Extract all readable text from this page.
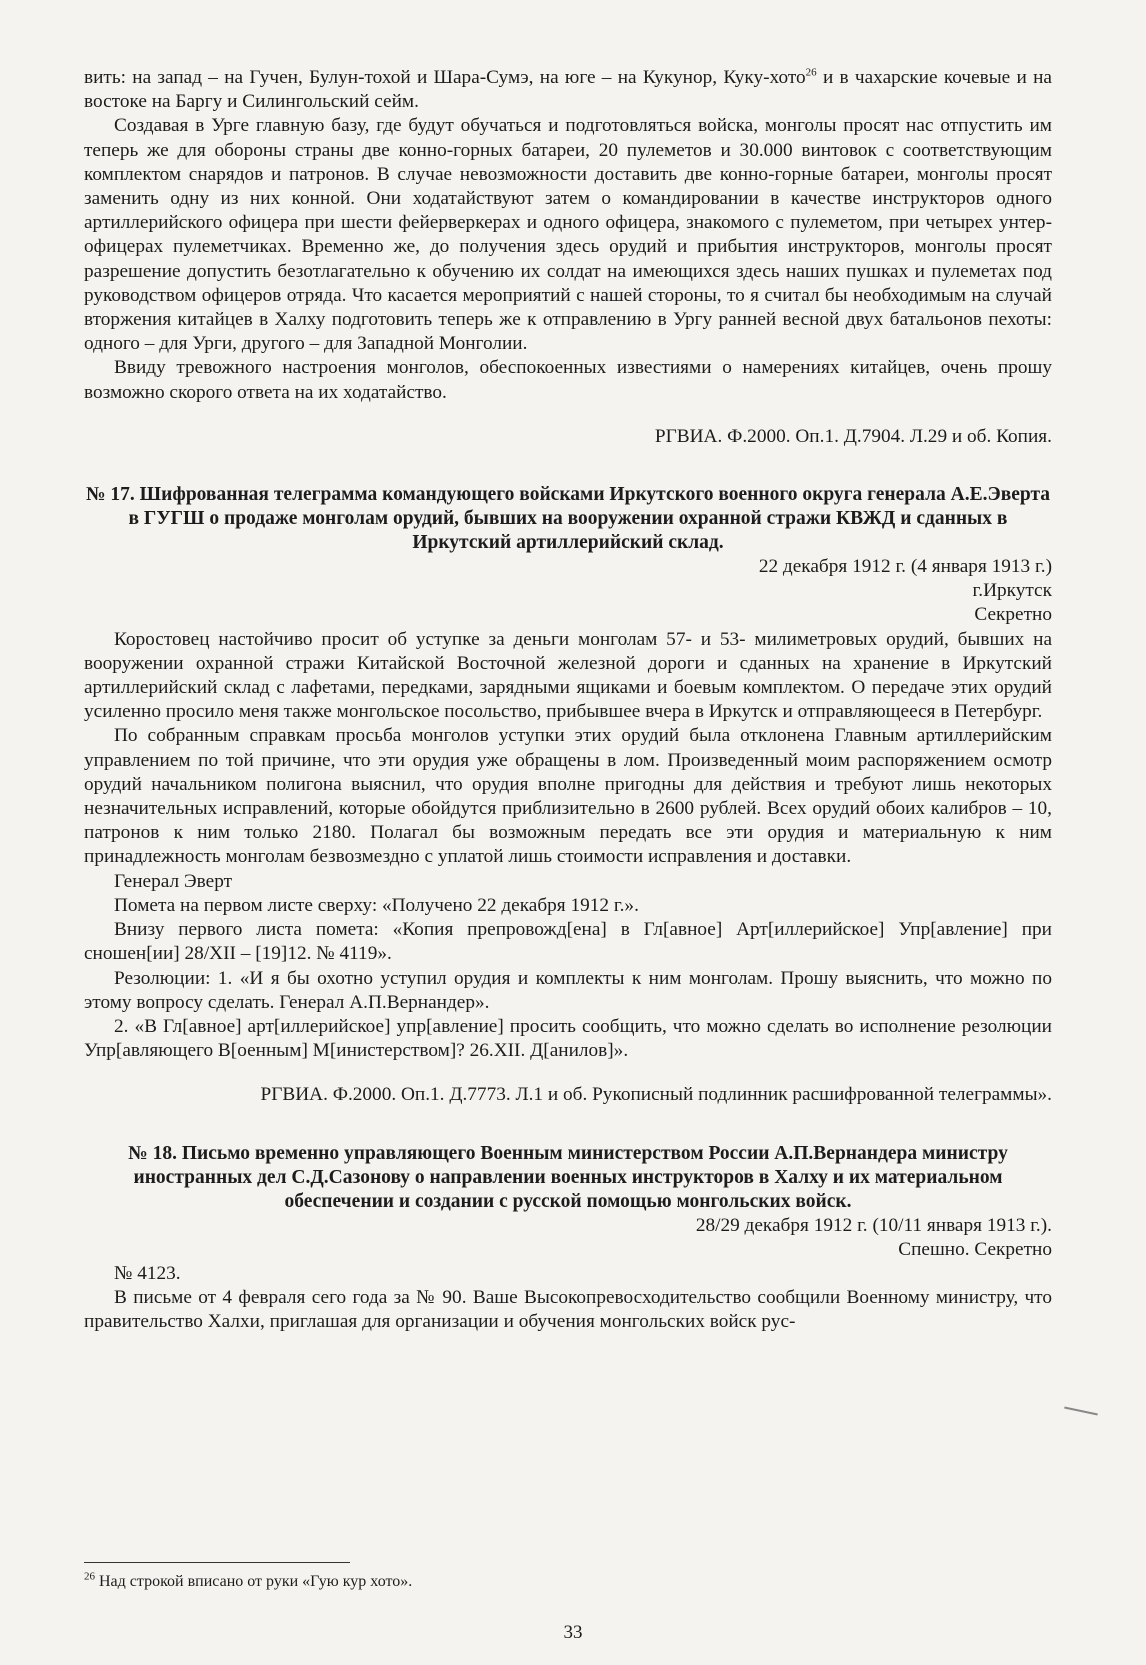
вить: на запад – на Гучен, Булун-тохой и Шара-Сумэ, на юге – на Кукунор, Куку-хото$^{26}$ и в чахарские кочевые и на востоке на Баргу и Силингольский сейм.

Создавая в Урге главную базу, где будут обучаться и подготовляться войска, монголы просят нас отпустить им теперь же для обороны страны две конно-горных батареи, 20 пулеметов и 30.000 винтовок с соответствующим комплектом снарядов и патронов. В случае невозможности доставить две конно-горные батареи, монголы просят заменить одну из них конной. Они ходатайствуют затем о командировании в качестве инструкторов одного артиллерийского офицера при шести фейерверкерах и одного офицера, знакомого с пулеметом, при четырех унтер-офицерах пулеметчиках. Временно же, до получения здесь орудий и прибытия инструкторов, монголы просят разрешение допустить безотлагательно к обучению их солдат на имеющихся здесь наших пушках и пулеметах под руководством офицеров отряда. Что касается мероприятий с нашей стороны, то я считал бы необходимым на случай вторжения китайцев в Халху подготовить теперь же к отправлению в Ургу ранней весной двух батальонов пехоты: одного – для Урги, другого – для Западной Монголии.

Ввиду тревожного настроения монголов, обеспокоенных известиями о намерениях китайцев, очень прошу возможно скорого ответа на их ходатайство.

РГВИА. Ф.2000. Оп.1. Д.7904. Л.29 и об. Копия.

№ 17. Шифрованная телеграмма командующего войсками Иркутского военного округа генерала А.Е.Эверта в ГУГШ о продаже монголам орудий, бывших на вооружении охранной стражи КВЖД и сданных в Иркутский артиллерийский склад.

22 декабря 1912 г. (4 января 1913 г.)

г.Иркутск

Секретно

Коростовец настойчиво просит об уступке за деньги монголам 57- и 53- милиметровых орудий, бывших на вооружении охранной стражи Китайской Восточной железной дороги и сданных на хранение в Иркутский артиллерийский склад с лафетами, передками, зарядными ящиками и боевым комплектом. О передаче этих орудий усиленно просило меня также монгольское посольство, прибывшее вчера в Иркутск и отправляющееся в Петербург.

По собранным справкам просьба монголов уступки этих орудий была отклонена Главным артиллерийским управлением по той причине, что эти орудия уже обращены в лом. Произведенный моим распоряжением осмотр орудий начальником полигона выяснил, что орудия вполне пригодны для действия и требуют лишь некоторых незначительных исправлений, которые обойдутся приблизительно в 2600 рублей. Всех орудий обоих калибров – 10, патронов к ним только 2180. Полагал бы возможным передать все эти орудия и материальную к ним принадлежность монголам безвозмездно с уплатой лишь стоимости исправления и доставки.

Генерал Эверт

Помета на первом листе сверху: «Получено 22 декабря 1912 г.».

Внизу первого листа помета: «Копия препровожд[ена] в Гл[авное] Арт[иллерийское] Упр[авление] при сношен[ии] 28/XII – [19]12. № 4119».

Резолюции: 1. «И я бы охотно уступил орудия и комплекты к ним монголам. Прошу выяснить, что можно по этому вопросу сделать. Генерал А.П.Вернандер».

2. «В Гл[авное] арт[иллерийское] упр[авление] просить сообщить, что можно сделать во исполнение резолюции Упр[авляющего В[оенным] М[инистерством]? 26.XII. Д[анилов]».

РГВИА. Ф.2000. Оп.1. Д.7773. Л.1 и об. Рукописный подлинник расшифрованной телеграммы».

№ 18. Письмо временно управляющего Военным министерством России А.П.Вернандера министру иностранных дел С.Д.Сазонову о направлении военных инструкторов в Халху и их материальном обеспечении и создании с русской помощью монгольских войск.

28/29 декабря 1912 г. (10/11 января 1913 г.).

Спешно. Секретно

№ 4123.

В письме от 4 февраля сего года за № 90. Ваше Высокопревосходительство сообщили Военному министру, что правительство Халхи, приглашая для организации и обучения монгольских войск рус-

$^{26}$ Над строкой вписано от руки «Гую кур хото».
33
